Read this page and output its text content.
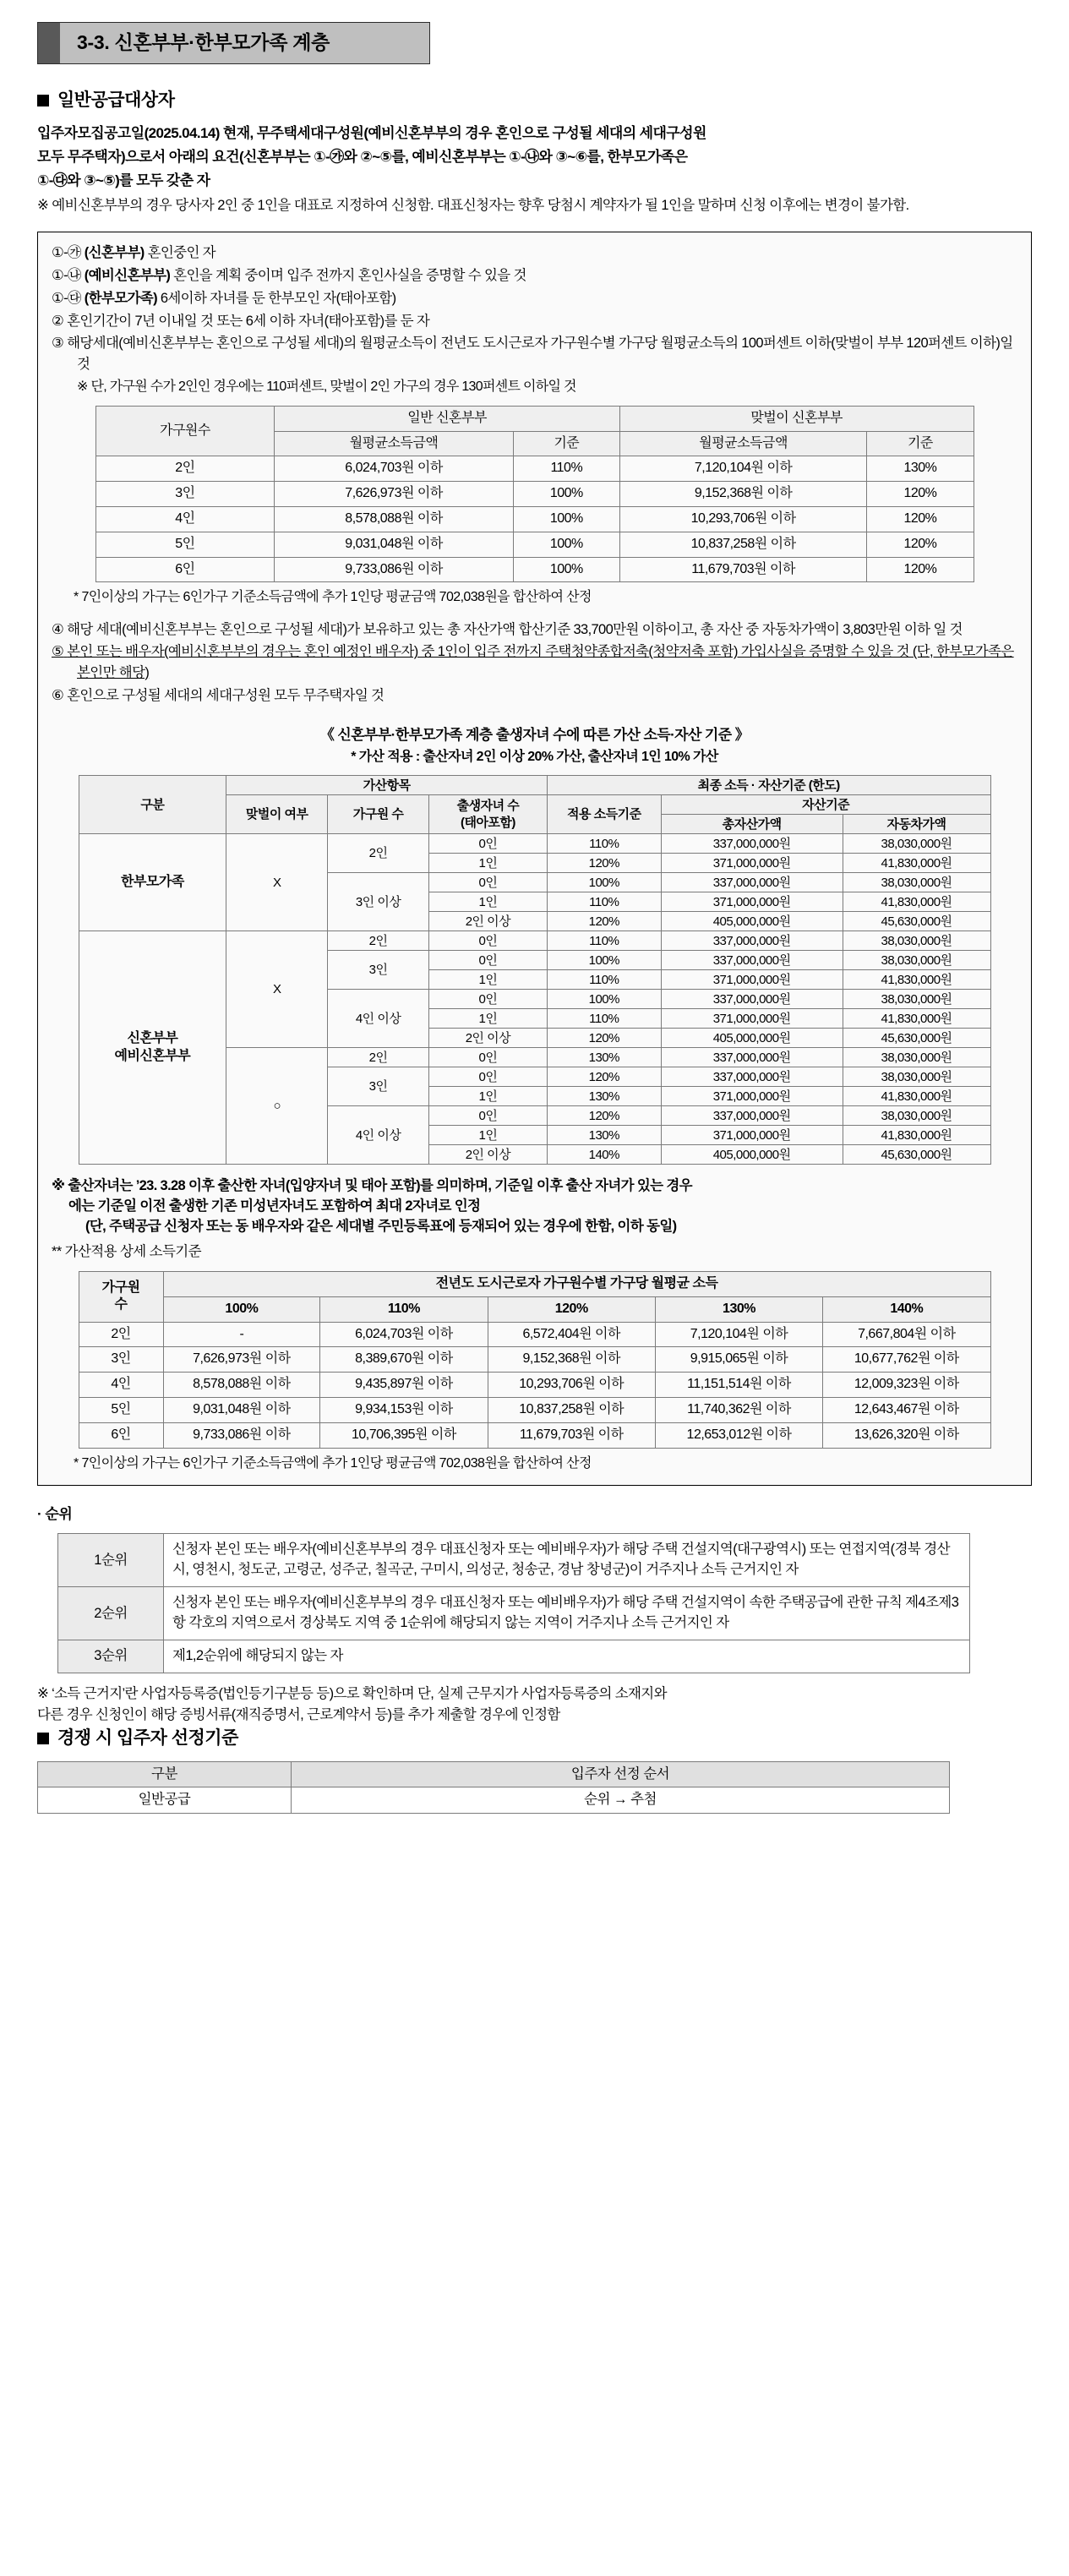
3-3. 신혼부부·한부모가족 계층
일반공급대상자

입주자모집공고일(2025.04.14) 현재, 무주택세대구성원(예비신혼부부의 경우 혼인으로 구성될 세대의 세대구성원

모두 무주택자)으로서 아래의 요건(신혼부부는 ①-㉮와 ②~⑤를, 예비신혼부부는 ①-㉯와 ③~⑥를, 한부모가족은

①-㉰와 ③~⑤)를 모두 갖춘 자

※ 예비신혼부부의 경우 당사자 2인 중 1인을 대표로 지정하여 신청함. 대표신청자는 향후 당첨시 계약자가 될 1인을 말하며 신청 이후에는 변경이 불가함.

①-㉮ (신혼부부) 혼인중인 자
①-㉯ (예비신혼부부) 혼인을 계획 중이며 입주 전까지 혼인사실을 증명할 수 있을 것
①-㉰ (한부모가족) 6세이하 자녀를 둔 한부모인 자(태아포함)
② 혼인기간이 7년 이내일 것 또는 6세 이하 자녀(태아포함)를 둔 자
③ 해당세대(예비신혼부부는 혼인으로 구성될 세대)의 월평균소득이 전년도 도시근로자 가구원수별 가구당 월평균소득의 100퍼센트 이하(맞벌이 부부 120퍼센트 이하)일 것
※ 단, 가구원 수가 2인인 경우에는 110퍼센트, 맞벌이 2인 가구의 경우 130퍼센트 이하일 것
가구원수	일반 신혼부부		맞벌이 신혼부부	
	월평균소득금액	기준	월평균소득금액	기준
2인	6,024,703원 이하	110%	7,120,104원 이하	130%
3인	7,626,973원 이하	100%	9,152,368원 이하	120%
4인	8,578,088원 이하	100%	10,293,706원 이하	120%
5인	9,031,048원 이하	100%	10,837,258원 이하	120%
6인	9,733,086원 이하	100%	11,679,703원 이하	120%
* 7인이상의 가구는 6인가구 기준소득금액에 추가 1인당 평균금액 702,038원을 합산하여 산정
④ 해당 세대(예비신혼부부는 혼인으로 구성될 세대)가 보유하고 있는 총 자산가액 합산기준 33,700만원 이하이고, 총 자산 중 자동차가액이 3,803만원 이하 일 것
⑤ 본인 또는 배우자(예비신혼부부의 경우는 혼인 예정인 배우자) 중 1인이 입주 전까지 주택청약종합저축(청약저축 포함) 가입사실을 증명할 수 있을 것 (단, 한부모가족은 본인만 해당)
⑥ 혼인으로 구성될 세대의 세대구성원 모두 무주택자일 것
《 신혼부부·한부모가족 계층 출생자녀 수에 따른 가산 소득·자산 기준 》
* 가산 적용 : 출산자녀 2인 이상 20% 가산, 출산자녀 1인 10% 가산
구분	가산항목			최종 소득 · 자산기준 (한도)		
	맞벌이 여부	가구원 수	출생자녀 수
(태아포함)	적용 소득기준	자산기준	
					총자산가액	자동차가액
한부모가족	X	2인	0인	110%	337,000,000원	38,030,000원
			1인	120%	371,000,000원	41,830,000원
		3인 이상	0인	100%	337,000,000원	38,030,000원
			1인	110%	371,000,000원	41,830,000원
			2인 이상	120%	405,000,000원	45,630,000원

신혼부부
예비신혼부부	X	2인	0인	110%	337,000,000원	38,030,000원
		3인	0인	100%	337,000,000원	38,030,000원
			1인	110%	371,000,000원	41,830,000원
		4인 이상	0인	100%	337,000,000원	38,030,000원
			1인	110%	371,000,000원	41,830,000원
			2인 이상	120%	405,000,000원	45,630,000원
	○	2인	0인	130%	337,000,000원	38,030,000원
		3인	0인	120%	337,000,000원	38,030,000원
			1인	130%	371,000,000원	41,830,000원
		4인 이상	0인	120%	337,000,000원	38,030,000원
			1인	130%	371,000,000원	41,830,000원
			2인 이상	140%	405,000,000원	45,630,000원
※ 출산자녀는 ’23. 3.28 이후 출산한 자녀(입양자녀 및 태아 포함)를 의미하며, 기준일 이후 출산 자녀가 있는 경우
에는 기준일 이전 출생한 기존 미성년자녀도 포함하여 최대 2자녀로 인정
(단, 주택공급 신청자 또는 동 배우자와 같은 세대별 주민등록표에 등재되어 있는 경우에 한함, 이하 동일)
** 가산적용 상세 소득기준
가구원
수	전년도 도시근로자 가구원수별 가구당 월평균 소득				
	100%	110%	120%	130%	140%
2인	-	6,024,703원 이하	6,572,404원 이하	7,120,104원 이하	7,667,804원 이하
3인	7,626,973원 이하	8,389,670원 이하	9,152,368원 이하	9,915,065원 이하	10,677,762원 이하
4인	8,578,088원 이하	9,435,897원 이하	10,293,706원 이하	11,151,514원 이하	12,009,323원 이하
5인	9,031,048원 이하	9,934,153원 이하	10,837,258원 이하	11,740,362원 이하	12,643,467원 이하
6인	9,733,086원 이하	10,706,395원 이하	11,679,703원 이하	12,653,012원 이하	13,626,320원 이하
* 7인이상의 가구는 6인가구 기준소득금액에 추가 1인당 평균금액 702,038원을 합산하여 산정
· 순위
1순위	신청자 본인 또는 배우자(예비신혼부부의 경우 대표신청자 또는 예비배우자)가 해당 주택 건설지역(대구광역시) 또는 연접지역(경북 경산시, 영천시, 청도군, 고령군, 성주군, 칠곡군, 구미시, 의성군, 청송군, 경남 창녕군)이 거주지나 소득 근거지인 자
2순위	신청자 본인 또는 배우자(예비신혼부부의 경우 대표신청자 또는 예비배우자)가 해당 주택 건설지역이 속한 주택공급에 관한 규칙 제4조제3항 각호의 지역으로서 경상북도 지역 중 1순위에 해당되지 않는 지역이 거주지나 소득 근거지인 자
3순위	제1,2순위에 해당되지 않는 자
※ ‘소득 근거지’란 사업자등록증(법인등기구분등 등)으로 확인하며 단, 실제 근무지가 사업자등록증의 소재지와
다른 경우 신청인이 해당 증빙서류(재직증명서, 근로계약서 등)를 추가 제출할 경우에 인정함
경쟁 시 입주자 선정기준
구분	입주자 선정 순서
일반공급	순위 → 추첨
